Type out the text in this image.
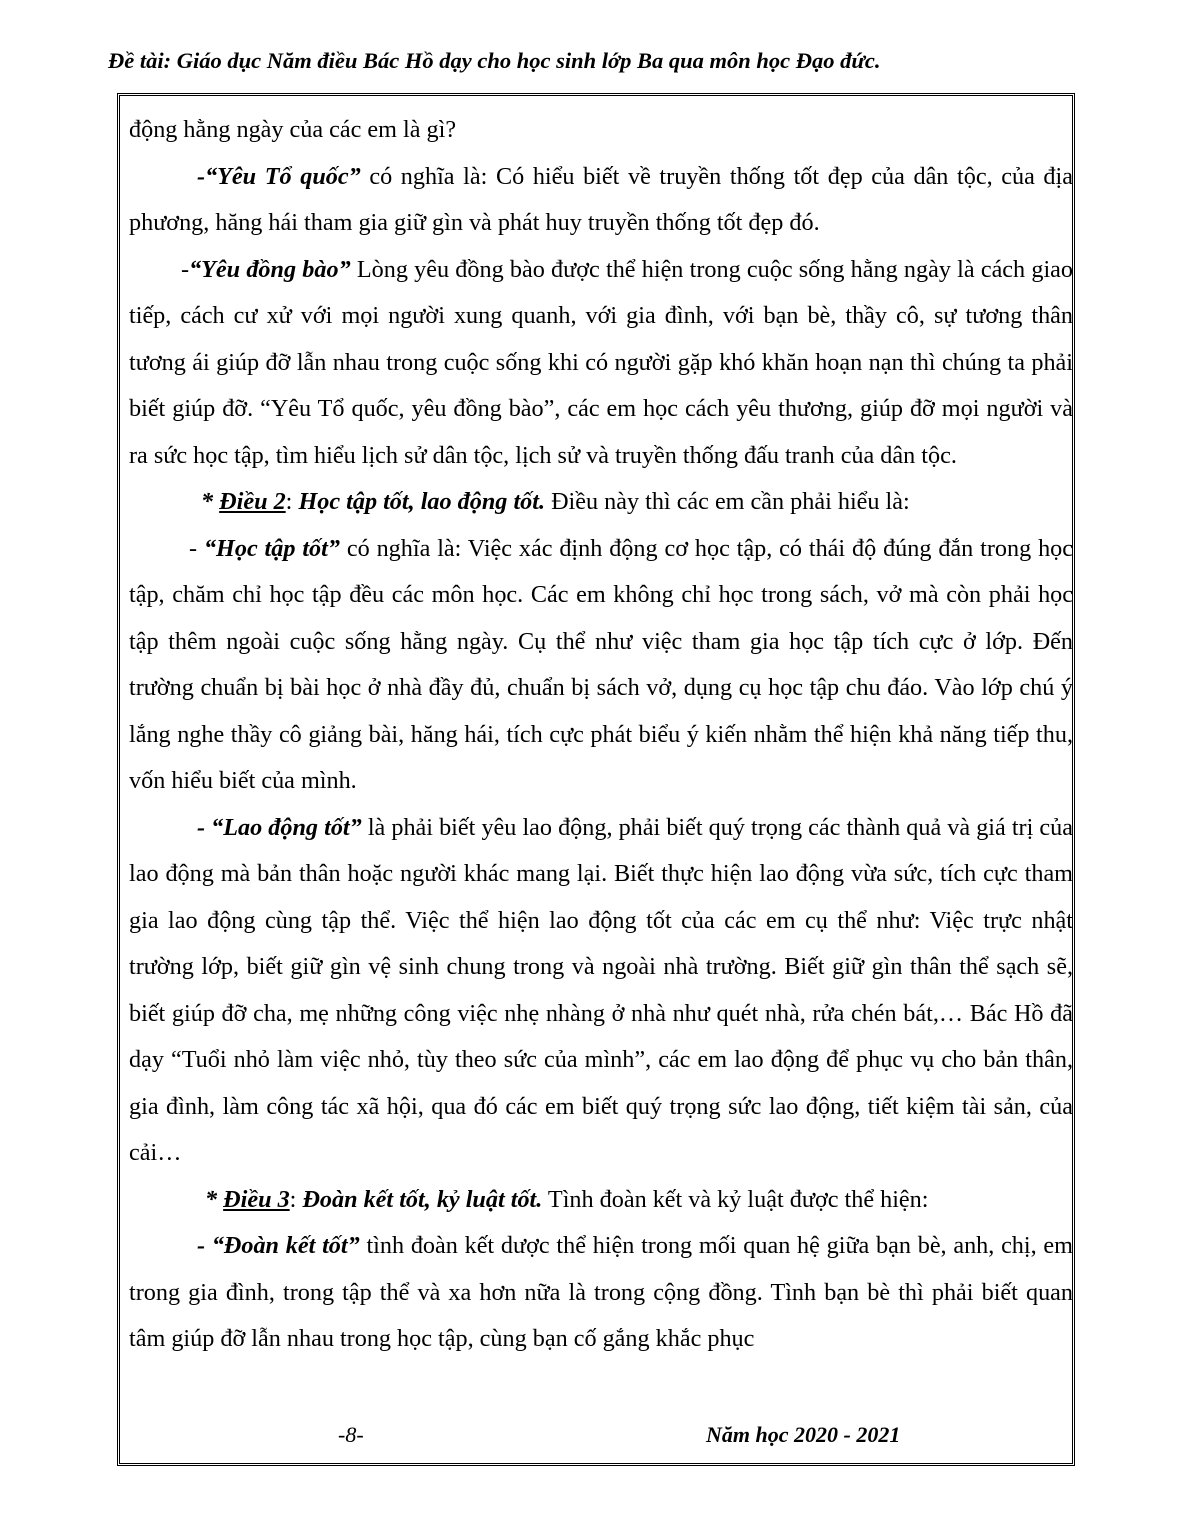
Đề tài: Giáo dục Năm điều Bác Hồ dạy cho học sinh lớp Ba qua môn học Đạo đức.

động hằng ngày của các em là gì?

-“Yêu Tổ quốc” có nghĩa là: Có hiểu biết về truyền thống tốt đẹp của dân tộc, của địa phương, hăng hái tham gia giữ gìn và phát huy truyền thống tốt đẹp đó.

-“Yêu đồng bào” Lòng yêu đồng bào được thể hiện trong cuộc sống hằng ngày là cách giao tiếp, cách cư xử với mọi người xung quanh, với gia đình, với bạn bè, thầy cô, sự tương thân tương ái giúp đỡ lẫn nhau trong cuộc sống khi có người gặp khó khăn hoạn nạn thì chúng ta phải biết giúp đỡ. “Yêu Tổ quốc, yêu đồng bào”, các em học cách yêu thương, giúp đỡ mọi người và ra sức học tập, tìm hiểu lịch sử dân tộc, lịch sử và truyền thống đấu tranh của dân tộc.

* Điều 2: Học tập tốt, lao động tốt. Điều này thì các em cần phải hiểu là:

- “Học tập tốt” có nghĩa là: Việc xác định động cơ học tập, có thái độ đúng đắn trong học tập, chăm chỉ học tập đều các môn học. Các em không chỉ học trong sách, vở mà còn phải học tập thêm ngoài cuộc sống hằng ngày. Cụ thể như việc tham gia học tập tích cực ở lớp. Đến trường chuẩn bị bài học ở nhà đầy đủ, chuẩn bị sách vở, dụng cụ học tập chu đáo. Vào lớp chú ý lắng nghe thầy cô giảng bài, hăng hái, tích cực phát biểu ý kiến nhằm thể hiện khả năng tiếp thu, vốn hiểu biết của mình.

- “Lao động tốt” là phải biết yêu lao động, phải biết quý trọng các thành quả và giá trị của lao động mà bản thân hoặc người khác mang lại. Biết thực hiện lao động vừa sức, tích cực tham gia lao động cùng tập thể. Việc thể hiện lao động tốt của các em cụ thể như: Việc trực nhật trường lớp, biết giữ gìn vệ sinh chung trong và ngoài nhà trường. Biết giữ gìn thân thể sạch sẽ, biết giúp đỡ cha, mẹ những công việc nhẹ nhàng ở nhà như quét nhà, rửa chén bát,… Bác Hồ đã dạy “Tuổi nhỏ làm việc nhỏ, tùy theo sức của mình”, các em lao động để phục vụ cho bản thân, gia đình, làm công tác xã hội, qua đó các em biết quý trọng sức lao động, tiết kiệm tài sản, của cải…

* Điều 3: Đoàn kết tốt, kỷ luật tốt. Tình đoàn kết và kỷ luật được thể hiện:

- “Đoàn kết tốt” tình đoàn kết dược thể hiện trong mối quan hệ giữa bạn bè, anh, chị, em trong gia đình, trong tập thể và xa hơn nữa là trong cộng đồng. Tình bạn bè thì phải biết quan tâm giúp đỡ lẫn nhau trong học tập, cùng bạn cố gắng khắc phục

-8-	Năm học 2020 - 2021
